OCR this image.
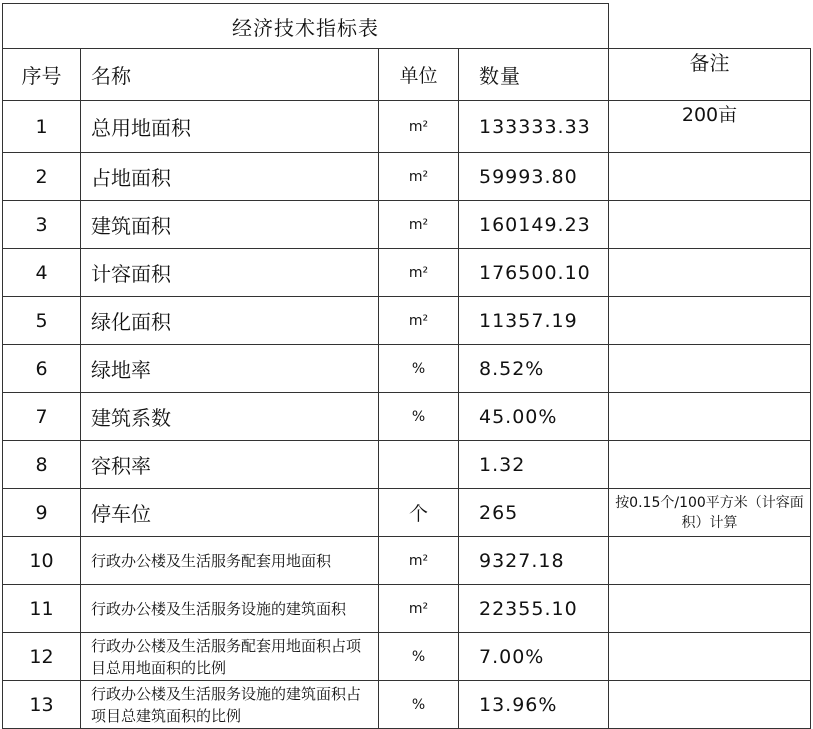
经济技术指标表				
序号	名称	单位	数量	备注
1	总用地面积	m²	133333.33	200亩
2	占地面积	m²	59993.80	
3	建筑面积	m²	160149.23	
4	计容面积	m²	176500.10	
5	绿化面积	m²	11357.19	
6	绿地率	%	8.52%	
7	建筑系数	%	45.00%	
8	容积率		1.32	
9	停车位	个	265	按0.15个/100平方米（计容面积）计算
10	行政办公楼及生活服务配套用地面积	m²	9327.18	
11	行政办公楼及生活服务设施的建筑面积	m²	22355.10	
12	行政办公楼及生活服务配套用地面积占项目总用地面积的比例	%	7.00%	
13	行政办公楼及生活服务设施的建筑面积占项目总建筑面积的比例	%	13.96%	
